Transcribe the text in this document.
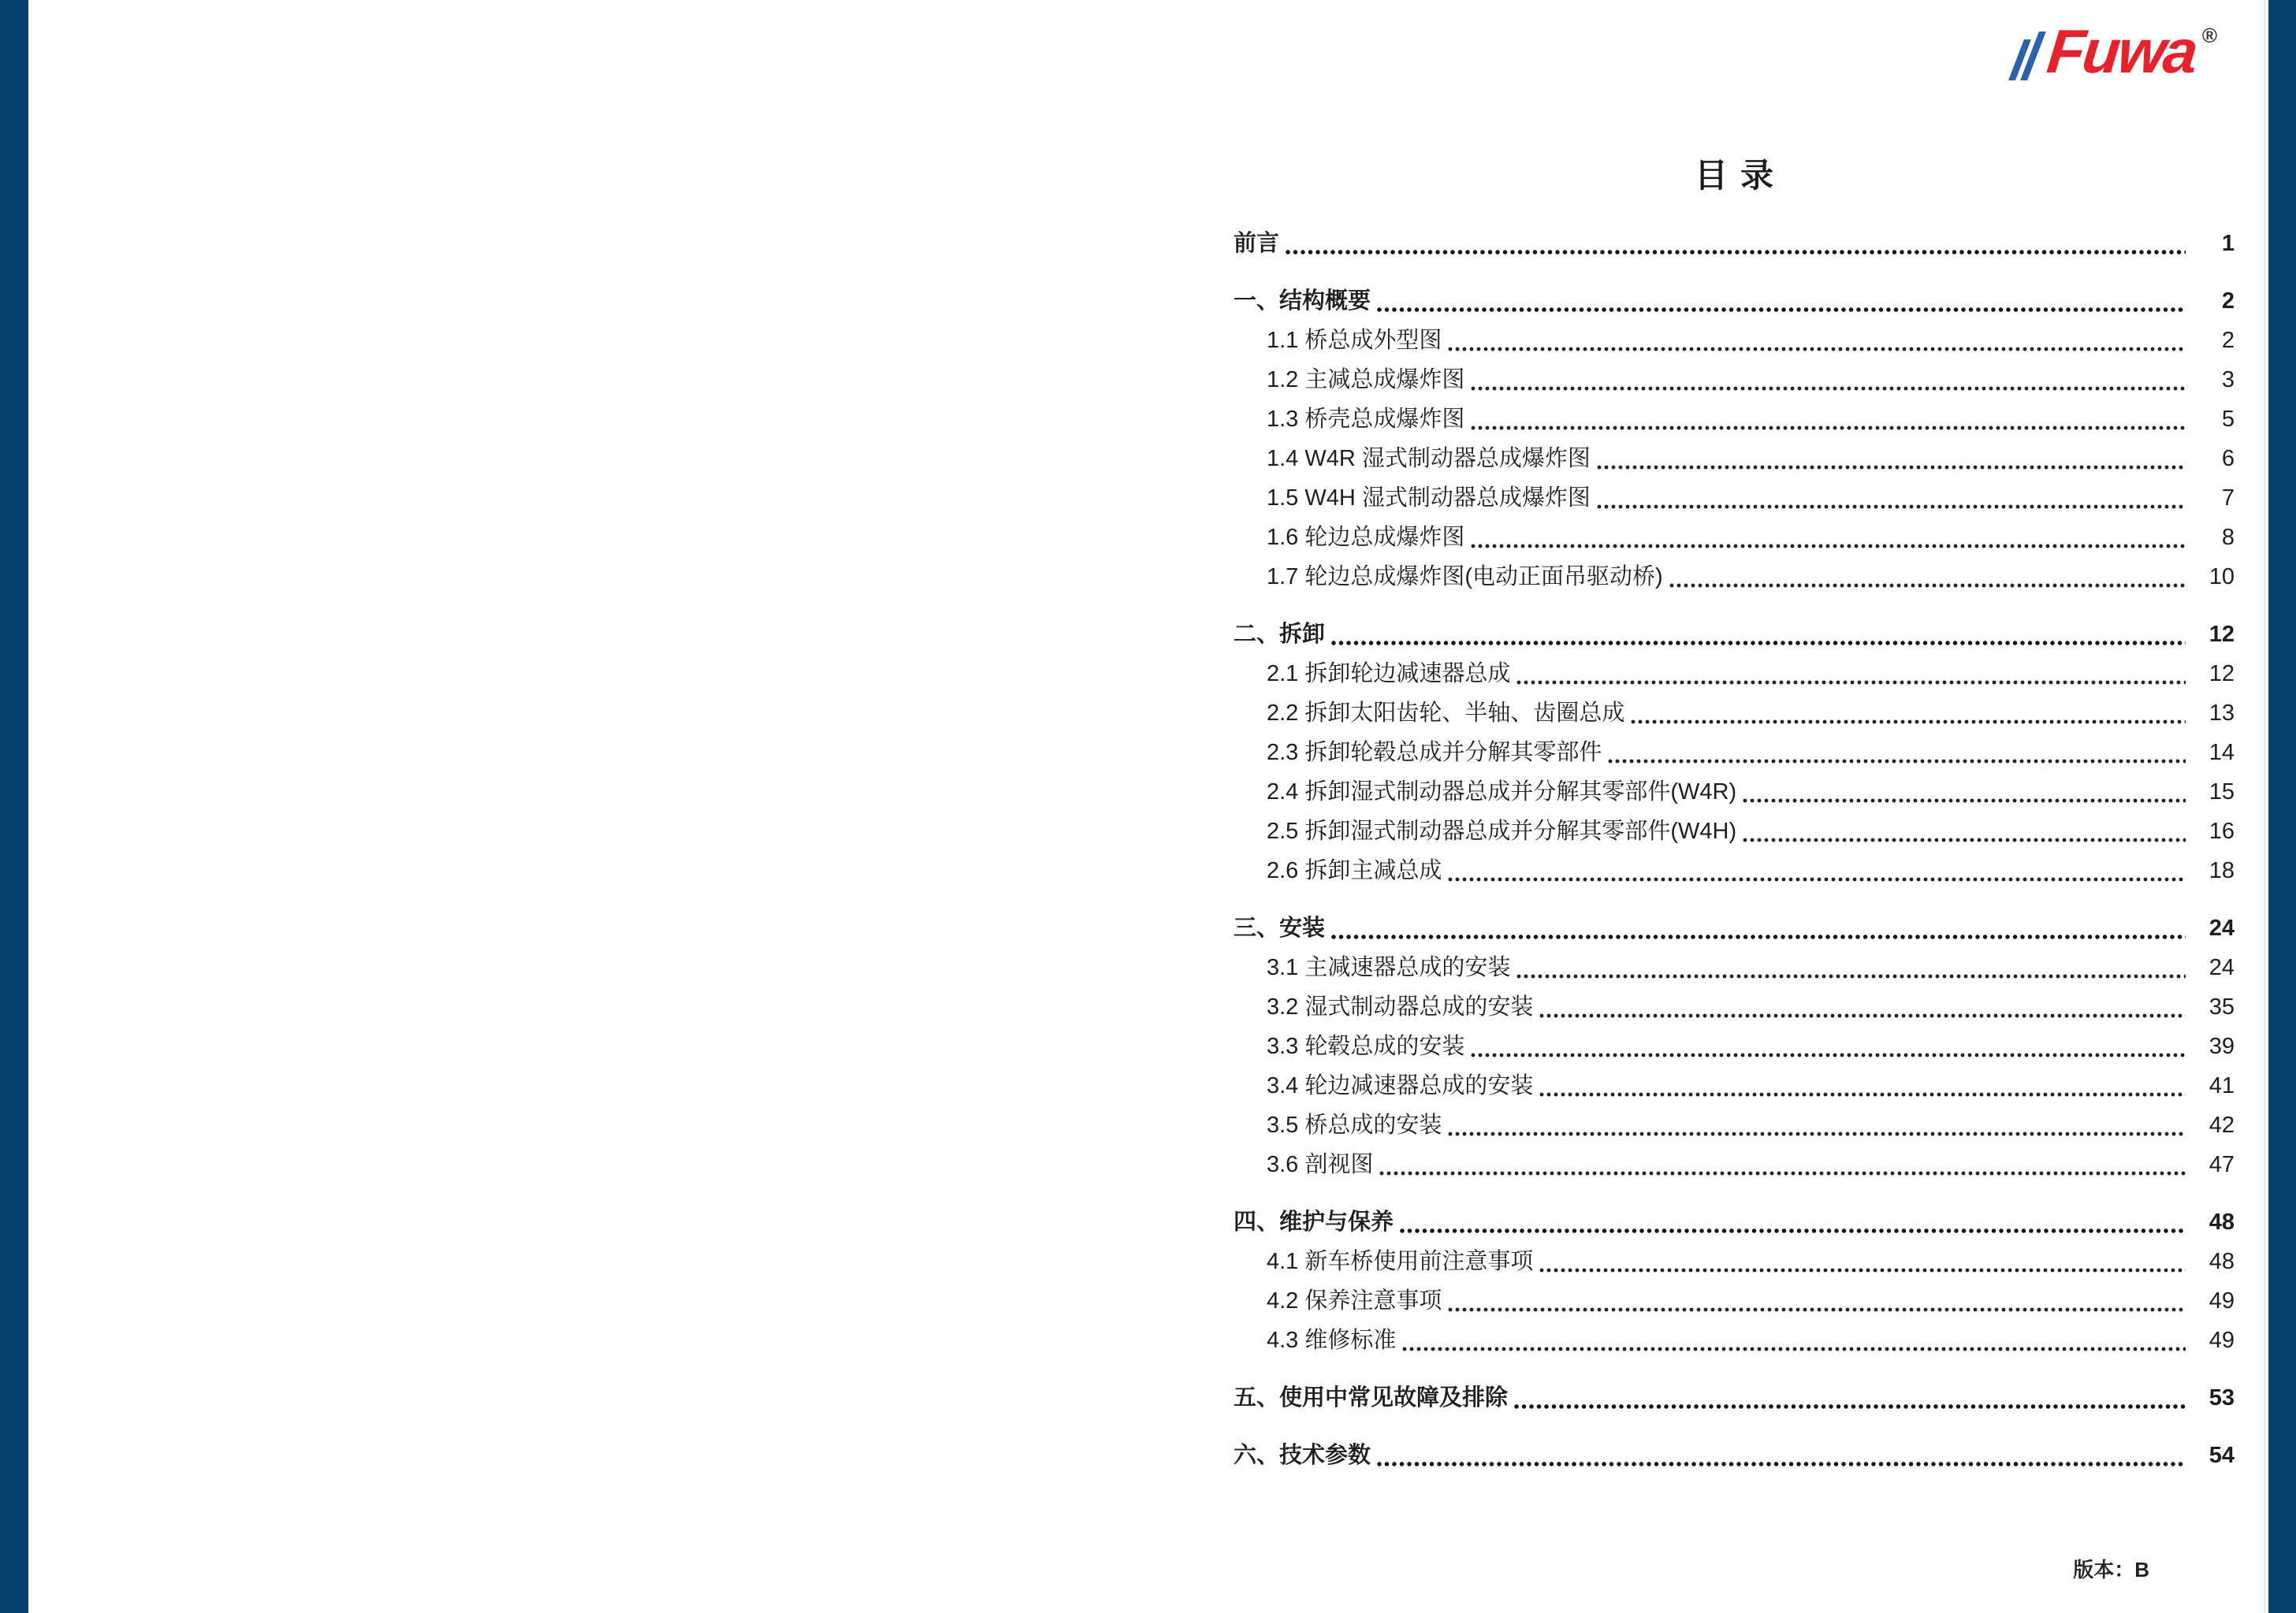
Fuwa ®
目录
前言	1
一、结构概要	2
1.1 桥总成外型图	2
1.2 主减总成爆炸图	3
1.3 桥壳总成爆炸图	5
1.4 W4R 湿式制动器总成爆炸图	6
1.5 W4H 湿式制动器总成爆炸图	7
1.6 轮边总成爆炸图	8
1.7 轮边总成爆炸图(电动正面吊驱动桥)	10
二、拆卸	12
2.1 拆卸轮边减速器总成	12
2.2 拆卸太阳齿轮、半轴、齿圈总成	13
2.3 拆卸轮毂总成并分解其零部件	14
2.4 拆卸湿式制动器总成并分解其零部件(W4R)	15
2.5 拆卸湿式制动器总成并分解其零部件(W4H)	16
2.6 拆卸主减总成	18
三、安装	24
3.1 主减速器总成的安装	24
3.2 湿式制动器总成的安装	35
3.3 轮毂总成的安装	39
3.4 轮边减速器总成的安装	41
3.5 桥总成的安装	42
3.6 剖视图	47
四、维护与保养	48
4.1 新车桥使用前注意事项	48
4.2 保养注意事项	49
4.3 维修标准	49
五、使用中常见故障及排除	53
六、技术参数	54
版本：B
